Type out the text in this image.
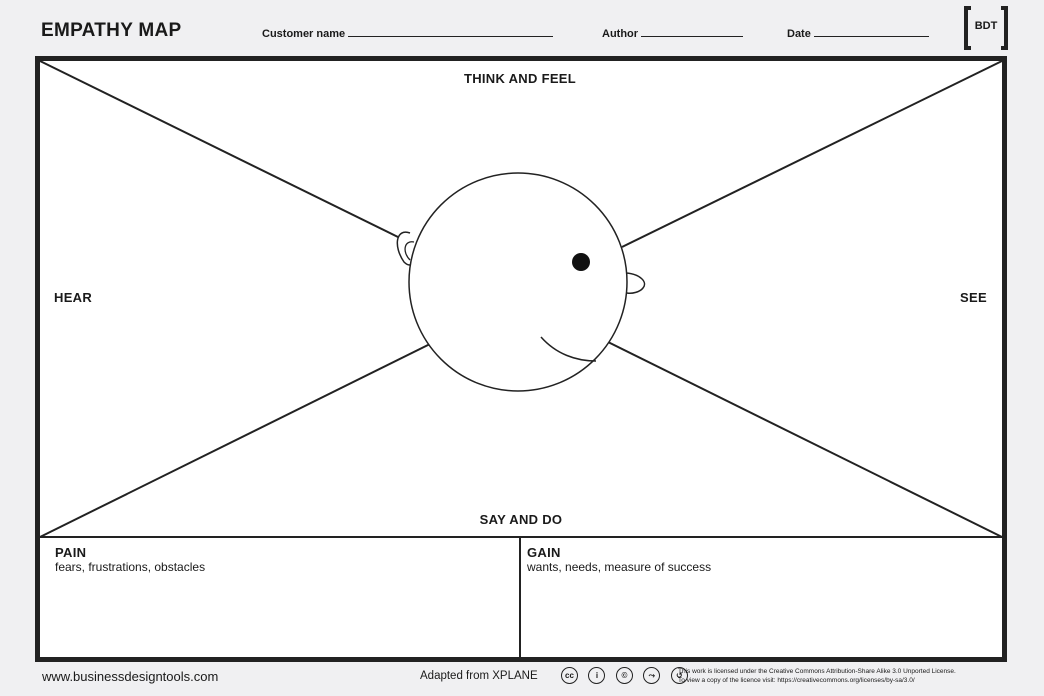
EMPATHY MAP	Customer name	Author	Date
BDT
THINK AND FEEL
HEAR	SEE
SAY AND DO
PAIN
fears, frustrations, obstacles
GAIN
wants, needs, measure of success
www.businessdesigntools.com	Adapted from XPLANE	cc	i	©	⤳	↺
This work is licensed under the Creative Commons Attribution-Share Alike 3.0 Unported License.
To view a copy of the licence visit: https://creativecommons.org/licenses/by-sa/3.0/
